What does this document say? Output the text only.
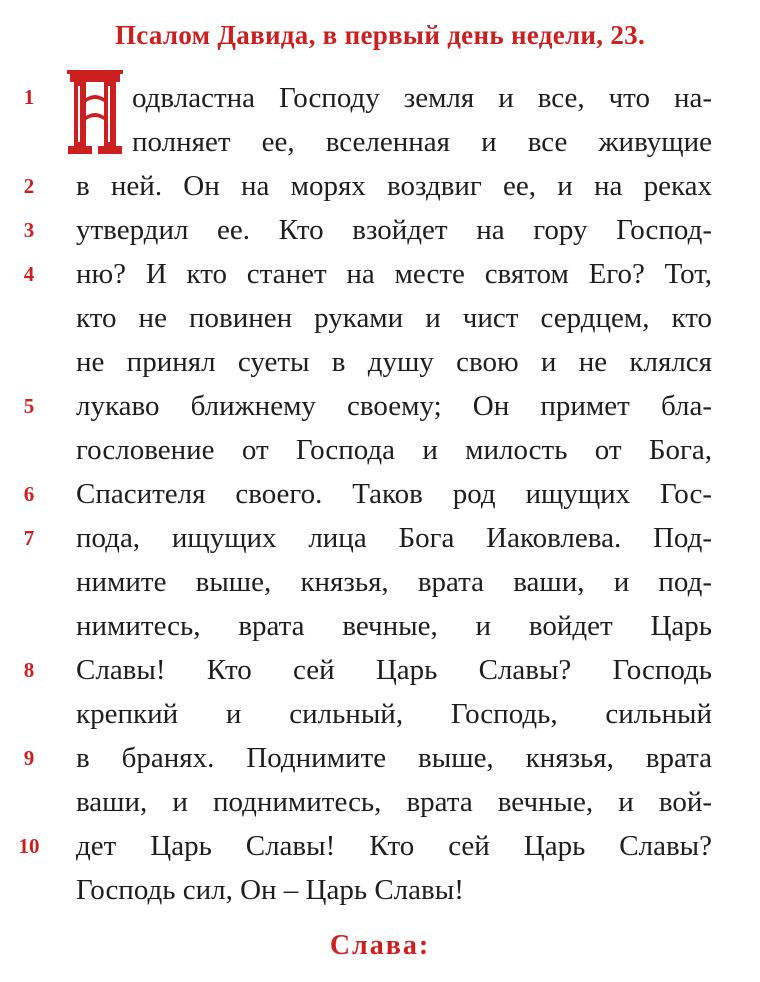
Псалом Давида, в первый день недели, 23.
1
2
3
4
5
6
7
8
9
10
одвластна Господу земля и все, что на-
полняет ее, вселенная и все живущие
в ней. Он на морях воздвиг ее, и на реках
утвердил ее. Кто взойдет на гору Господ-
ню? И кто станет на месте святом Его? Тот,
кто не повинен руками и чист сердцем, кто
не принял суеты в душу свою и не клялся
лукаво ближнему своему; Он примет бла-
гословение от Господа и милость от Бога,
Спасителя своего. Таков род ищущих Гос-
пода, ищущих лица Бога Иаковлева. Под-
нимите выше, князья, врата ваши, и под-
нимитесь, врата вечные, и войдет Царь
Славы! Кто сей Царь Славы? Господь
крепкий и сильный, Господь, сильный
в бранях. Поднимите выше, князья, врата
ваши, и поднимитесь, врата вечные, и вой-
дет Царь Славы! Кто сей Царь Славы?
Господь сил, Он – Царь Славы!
Слава:
